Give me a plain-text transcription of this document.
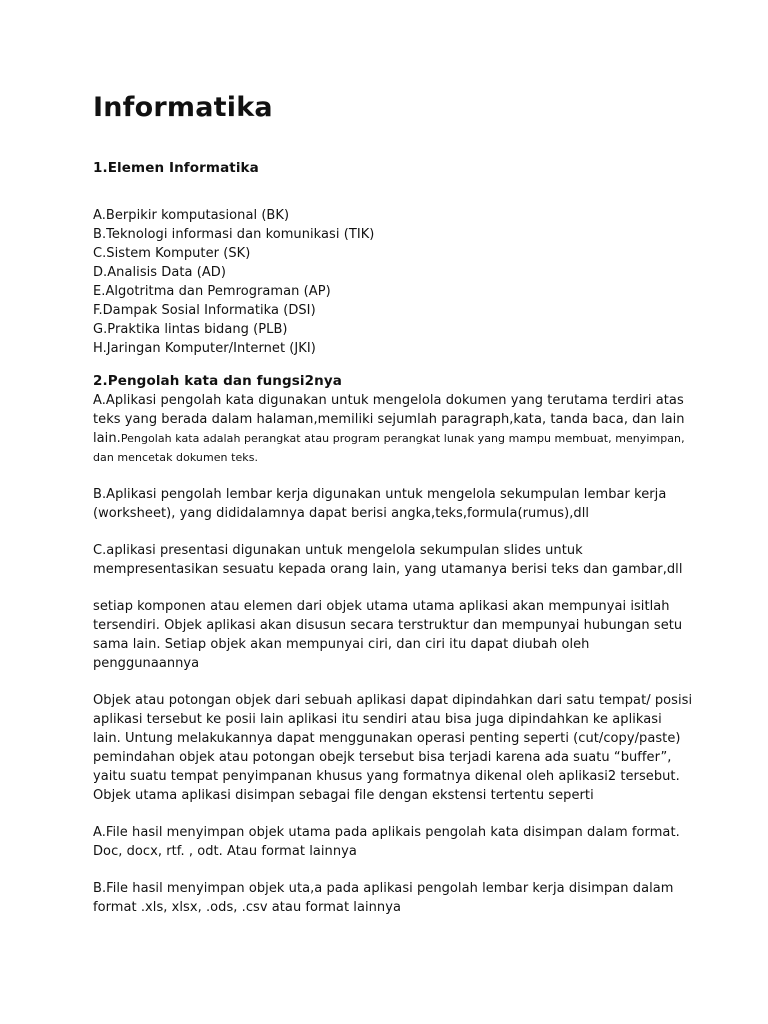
Informatika

1.Elemen Informatika

A.Berpikir komputasional (BK)

B.Teknologi informasi dan komunikasi (TIK)

C.Sistem Komputer (SK)

D.Analisis Data (AD)

E.Algotritma dan Pemrograman (AP)

F.Dampak Sosial Informatika (DSI)

G.Praktika lintas bidang (PLB)

H.Jaringan Komputer/Internet (JKI)

2.Pengolah kata dan fungsi2nya

A.Aplikasi pengolah kata digunakan untuk mengelola dokumen yang terutama terdiri atas teks yang berada dalam halaman,memiliki sejumlah paragraph,kata, tanda baca, dan lain lain.Pengolah kata adalah perangkat atau program perangkat lunak yang mampu membuat, menyimpan, dan mencetak dokumen teks.

B.Aplikasi pengolah lembar kerja digunakan untuk mengelola sekumpulan lembar kerja (worksheet), yang dididalamnya dapat berisi angka,teks,formula(rumus),dll

C.aplikasi presentasi digunakan untuk mengelola sekumpulan slides untuk mempresentasikan sesuatu kepada orang lain, yang utamanya berisi teks dan gambar,dll

setiap komponen atau elemen dari objek utama utama aplikasi akan mempunyai isitlah tersendiri. Objek aplikasi akan disusun secara terstruktur dan mempunyai hubungan setu sama lain. Setiap objek akan mempunyai ciri, dan ciri itu dapat diubah oleh penggunaannya

Objek atau potongan objek dari sebuah aplikasi dapat dipindahkan dari satu tempat/ posisi aplikasi tersebut ke posii lain aplikasi itu sendiri atau bisa juga dipindahkan ke aplikasi lain. Untung melakukannya dapat menggunakan operasi penting seperti (cut/copy/paste) pemindahan objek atau potongan obejk tersebut bisa terjadi karena ada suatu “buffer”, yaitu suatu tempat penyimpanan khusus yang formatnya dikenal oleh aplikasi2 tersebut. Objek utama aplikasi disimpan sebagai file dengan ekstensi tertentu seperti

A.File hasil menyimpan objek utama pada aplikais pengolah kata disimpan dalam format. Doc, docx, rtf. , odt. Atau format lainnya

B.File hasil menyimpan objek uta,a pada aplikasi pengolah lembar kerja disimpan dalam format .xls, xlsx, .ods, .csv atau format lainnya
